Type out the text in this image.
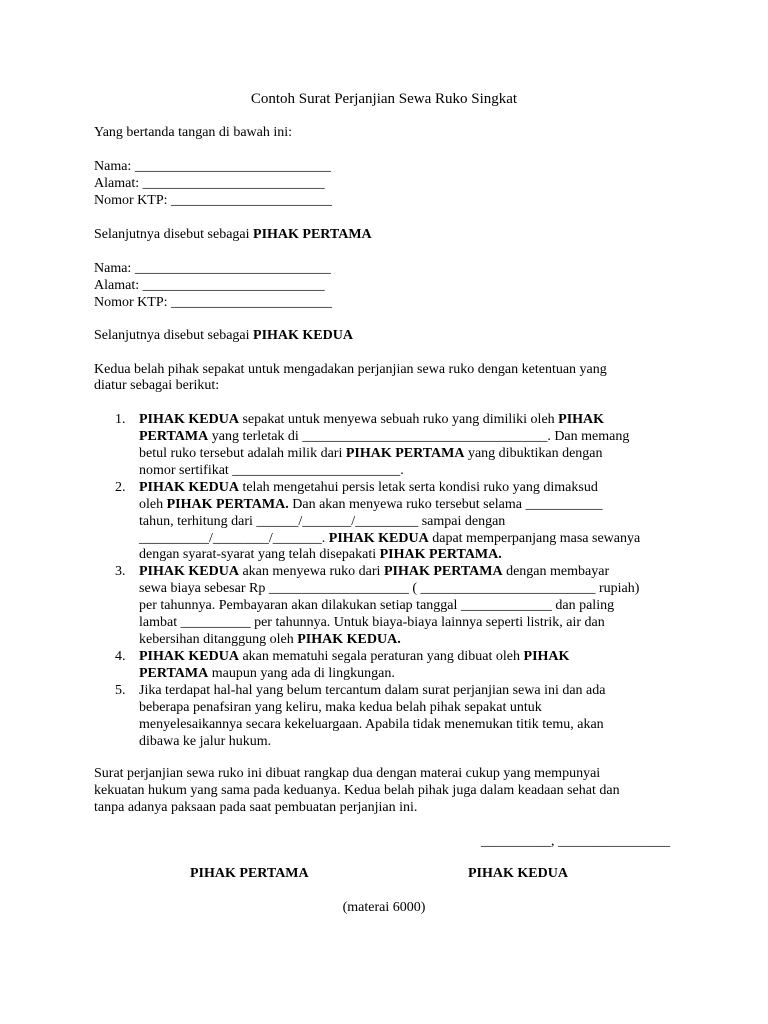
Contoh Surat Perjanjian Sewa Ruko Singkat
Yang bertanda tangan di bawah ini:
Nama: ____________________________
Alamat: __________________________
Nomor KTP: _______________________
Selanjutnya disebut sebagai PIHAK PERTAMA
Nama: ____________________________
Alamat: __________________________
Nomor KTP: _______________________
Selanjutnya disebut sebagai PIHAK KEDUA
Kedua belah pihak sepakat untuk mengadakan perjanjian sewa ruko dengan ketentuan yang
diatur sebagai berikut:
1. PIHAK KEDUA sepakat untuk menyewa sebuah ruko yang dimiliki oleh PIHAK
PERTAMA yang terletak di ___________________________________. Dan memang
betul ruko tersebut adalah milik dari PIHAK PERTAMA yang dibuktikan dengan
nomor sertifikat ________________________.
2. PIHAK KEDUA telah mengetahui persis letak serta kondisi ruko yang dimaksud
oleh PIHAK PERTAMA. Dan akan menyewa ruko tersebut selama ___________
tahun, terhitung dari ______/_______/_________ sampai dengan
__________/________/_______. PIHAK KEDUA dapat memperpanjang masa sewanya
dengan syarat-syarat yang telah disepakati PIHAK PERTAMA.
3. PIHAK KEDUA akan menyewa ruko dari PIHAK PERTAMA dengan membayar
sewa biaya sebesar Rp ____________________ ( _________________________ rupiah)
per tahunnya. Pembayaran akan dilakukan setiap tanggal _____________ dan paling
lambat __________ per tahunnya. Untuk biaya-biaya lainnya seperti listrik, air dan
kebersihan ditanggung oleh PIHAK KEDUA.
4. PIHAK KEDUA akan mematuhi segala peraturan yang dibuat oleh PIHAK
PERTAMA maupun yang ada di lingkungan.
5. Jika terdapat hal-hal yang belum tercantum dalam surat perjanjian sewa ini dan ada
beberapa penafsiran yang keliru, maka kedua belah pihak sepakat untuk
menyelesaikannya secara kekeluargaan. Apabila tidak menemukan titik temu, akan
dibawa ke jalur hukum.
Surat perjanjian sewa ruko ini dibuat rangkap dua dengan materai cukup yang mempunyai
kekuatan hukum yang sama pada keduanya. Kedua belah pihak juga dalam keadaan sehat dan
tanpa adanya paksaan pada saat pembuatan perjanjian ini.
__________, ________________
PIHAK PERTAMA	PIHAK KEDUA
(materai 6000)
